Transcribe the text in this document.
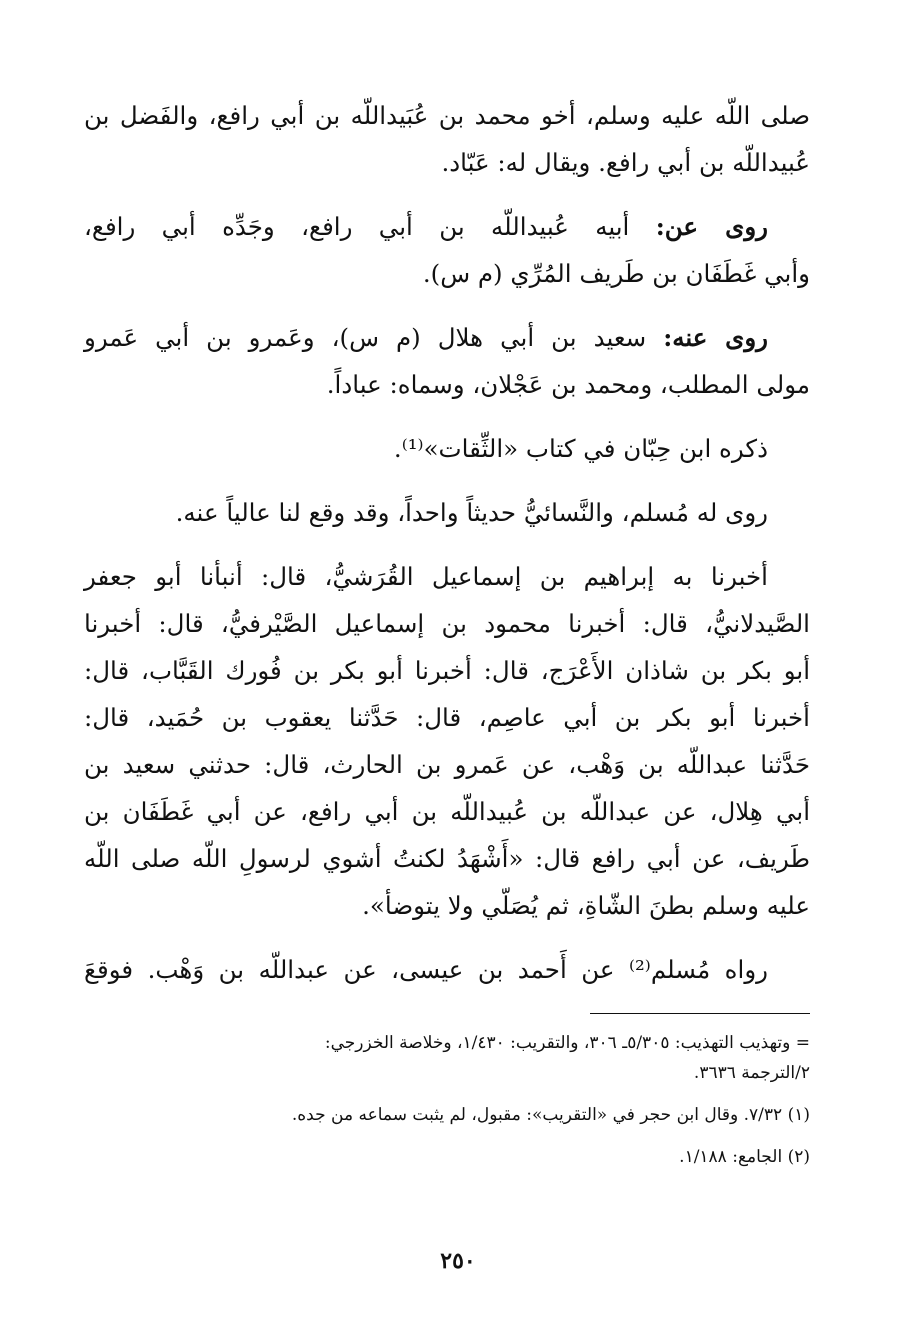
صلى اللّه عليه وسلم، أخو محمد بن عُبَيداللّه بن أبي رافع، والفَضل بن
عُبيداللّه بن أبي رافع. ويقال له: عَبّاد.
روى عن: أبيه عُبيداللّه بن أبي رافع، وجَدِّه أبي رافع،
وأبي غَطَفَان بن طَريف المُرِّي (م س).
روى عنه: سعيد بن أبي هلال (م س)، وعَمرو بن أبي عَمرو
مولى المطلب، ومحمد بن عَجْلان، وسماه: عباداً.
ذكره ابن حِبّان في كتاب «الثِّقات»⁽¹⁾.
روى له مُسلم، والنَّسائيُّ حديثاً واحداً، وقد وقع لنا عالياً عنه.
أخبرنا به إبراهيم بن إسماعيل القُرَشيُّ، قال: أنبأنا أبو جعفر
الصَّيدلانيُّ، قال: أخبرنا محمود بن إسماعيل الصَّيْرفيُّ، قال: أخبرنا
أبو بكر بن شاذان الأَعْرَج، قال: أخبرنا أبو بكر بن فُورك القَبَّاب، قال:
أخبرنا أبو بكر بن أبي عاصِم، قال: حَدَّثنا يعقوب بن حُمَيد، قال:
حَدَّثنا عبداللّه بن وَهْب، عن عَمرو بن الحارث، قال: حدثني سعيد بن
أبي هِلال، عن عبداللّه بن عُبيداللّه بن أبي رافع، عن أبي غَطَفَان بن
طَريف، عن أبي رافع قال: «أَشْهَدُ لكنتُ أشوي لرسولِ اللّه صلى اللّه
عليه وسلم بطنَ الشّاةِ، ثم يُصَلّي ولا يتوضأ».
رواه مُسلم⁽²⁾ عن أَحمد بن عيسى، عن عبداللّه بن وَهْب. فوقعَ
= وتهذيب التهذيب: ٥/٣٠٥ـ ٣٠٦، والتقريب: ١/٤٣٠، وخلاصة الخزرجي:
٢/الترجمة ٣٦٣٦.
(١) ٧/٣٢. وقال ابن حجر في «التقريب»: مقبول، لم يثبت سماعه من جده.
(٢) الجامع: ١/١٨٨.
٢٥٠
